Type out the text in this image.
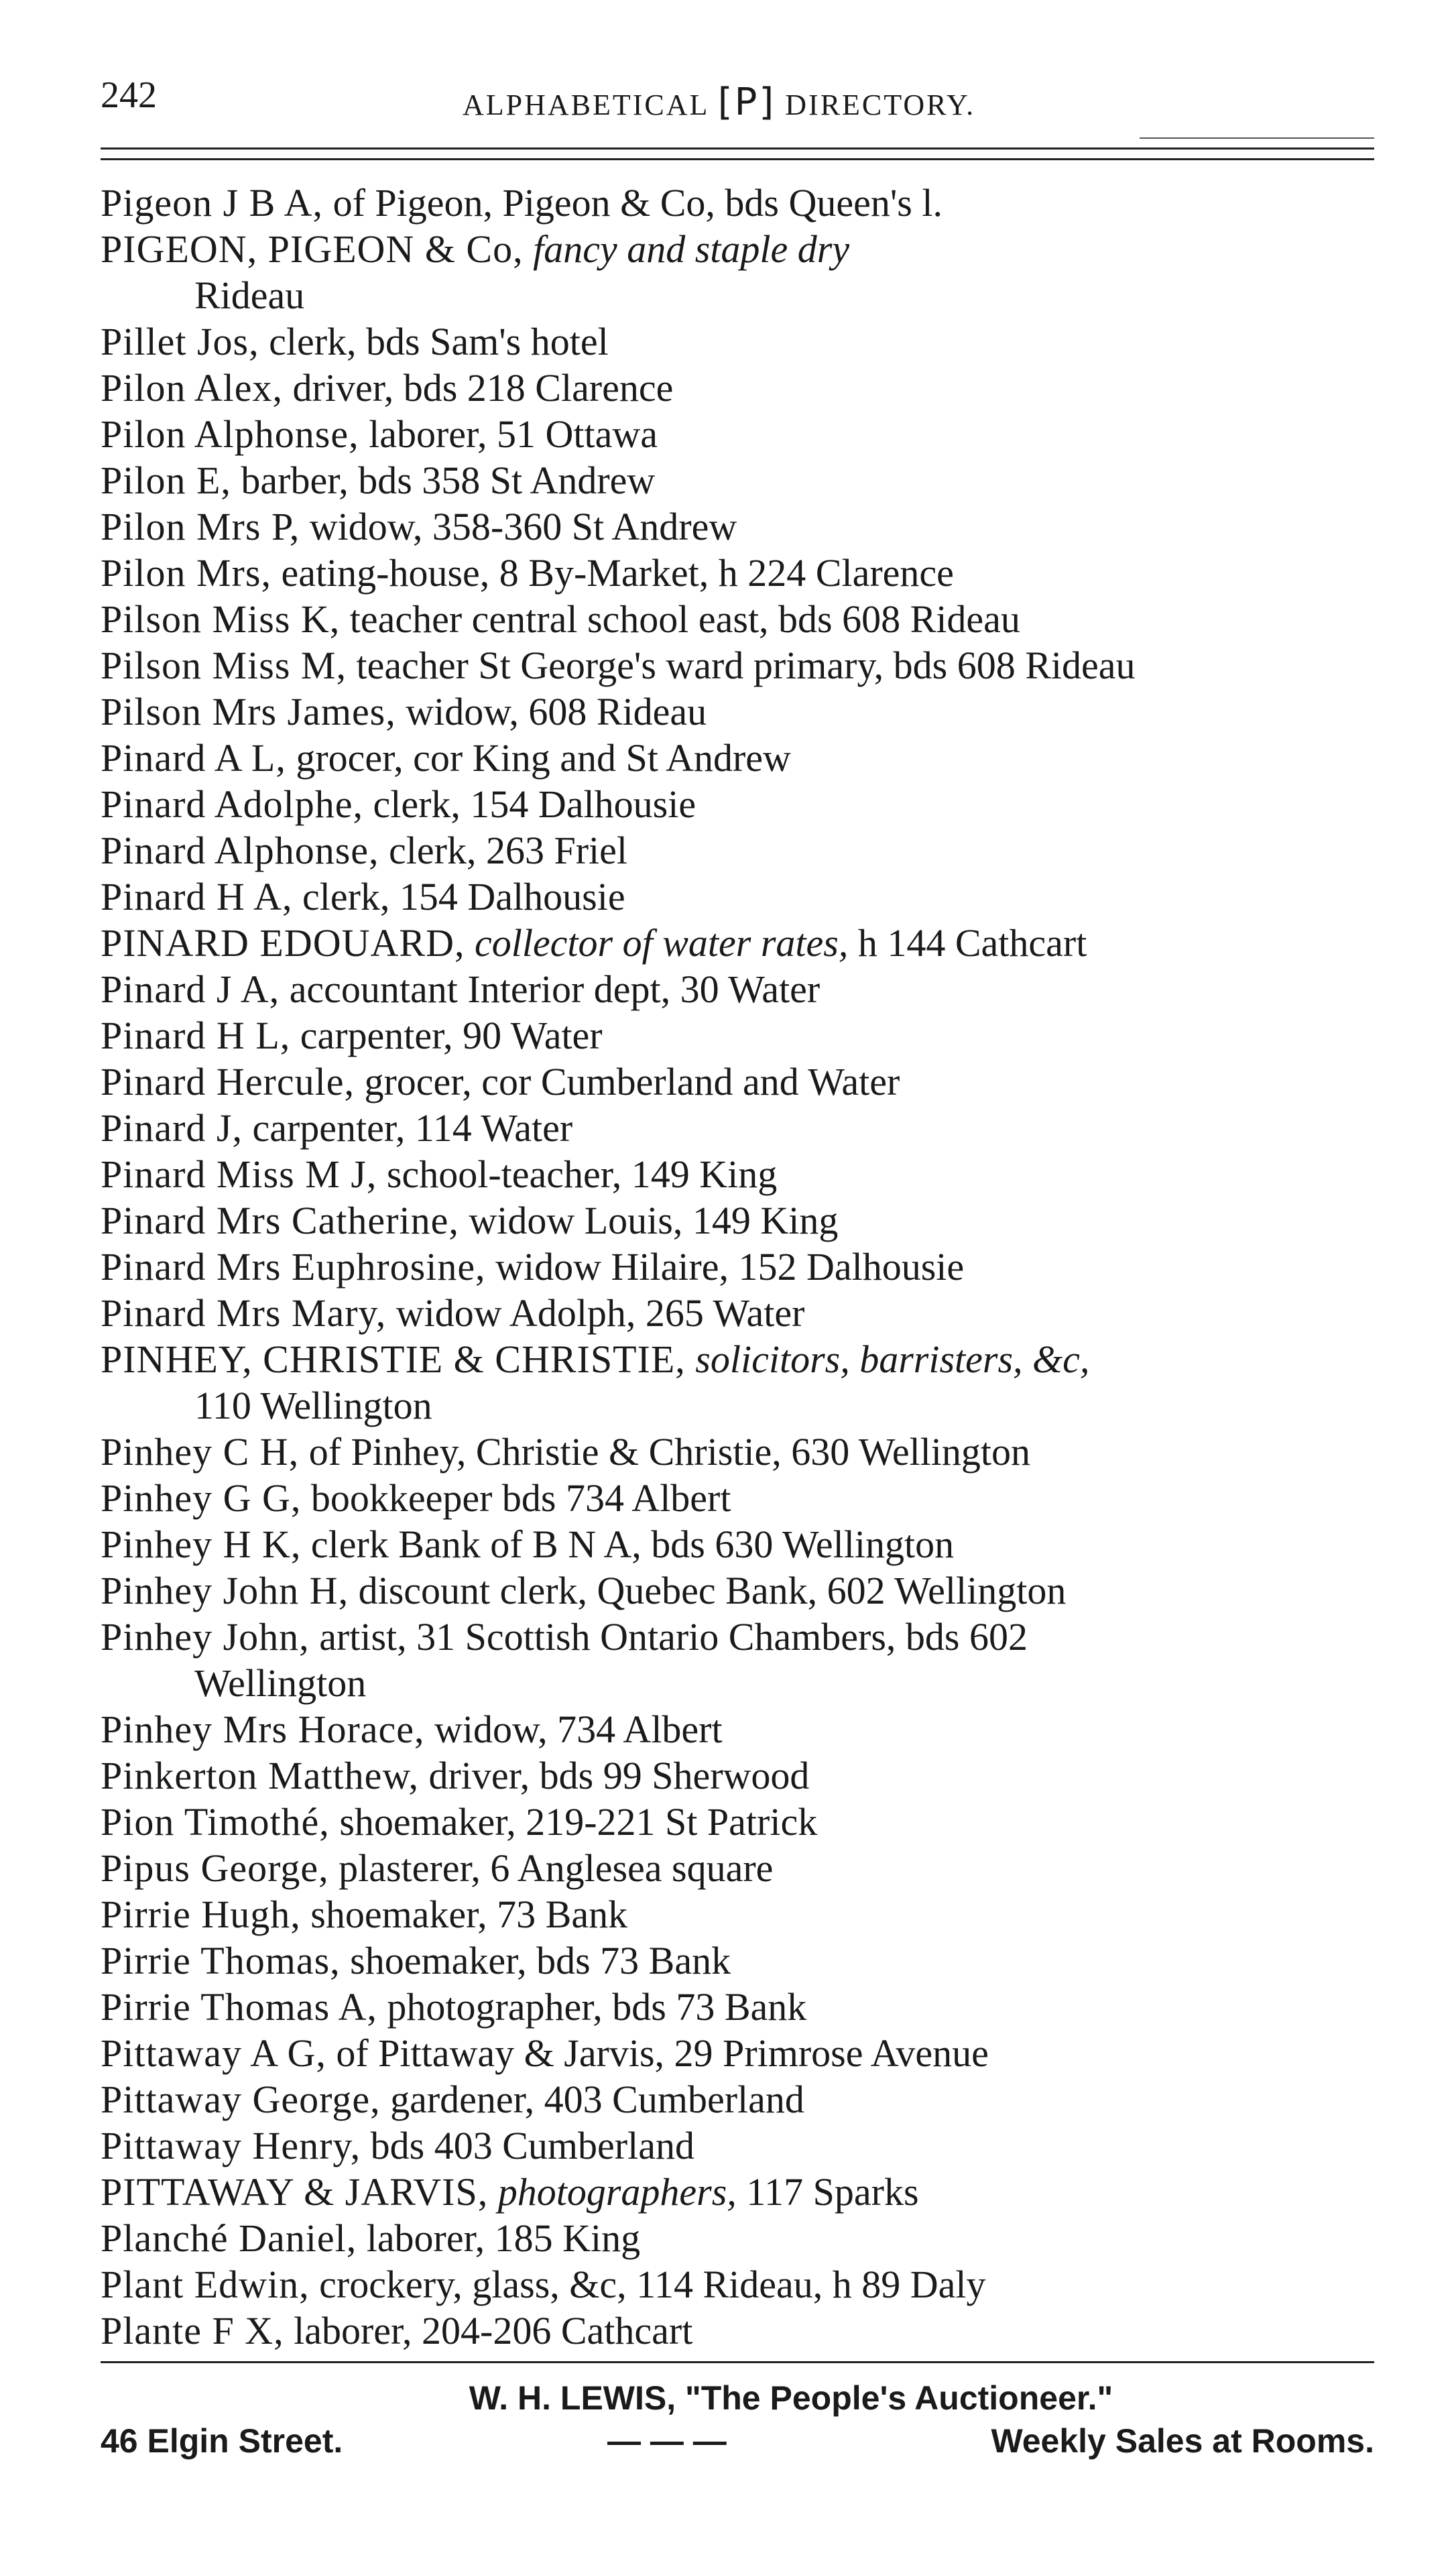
242	ALPHABETICAL [P] DIRECTORY.
Pigeon J B A, of Pigeon, Pigeon & Co, bds Queen's l.
PIGEON, PIGEON & Co, fancy and staple dry
Rideau
Pillet Jos, clerk, bds Sam's hotel
Pilon Alex, driver, bds 218 Clarence
Pilon Alphonse, laborer, 51 Ottawa
Pilon E, barber, bds 358 St Andrew
Pilon Mrs P, widow, 358-360 St Andrew
Pilon Mrs, eating-house, 8 By-Market, h 224 Clarence
Pilson Miss K, teacher central school east, bds 608 Rideau
Pilson Miss M, teacher St George's ward primary, bds 608 Rideau
Pilson Mrs James, widow, 608 Rideau
Pinard A L, grocer, cor King and St Andrew
Pinard Adolphe, clerk, 154 Dalhousie
Pinard Alphonse, clerk, 263 Friel
Pinard H A, clerk, 154 Dalhousie
PINARD EDOUARD, collector of water rates, h 144 Cathcart
Pinard J A, accountant Interior dept, 30 Water
Pinard H L, carpenter, 90 Water
Pinard Hercule, grocer, cor Cumberland and Water
Pinard J, carpenter, 114 Water
Pinard Miss M J, school-teacher, 149 King
Pinard Mrs Catherine, widow Louis, 149 King
Pinard Mrs Euphrosine, widow Hilaire, 152 Dalhousie
Pinard Mrs Mary, widow Adolph, 265 Water
PINHEY, CHRISTIE & CHRISTIE, solicitors, barristers, &c,
110 Wellington
Pinhey C H, of Pinhey, Christie & Christie, 630 Wellington
Pinhey G G, bookkeeper bds 734 Albert
Pinhey H K, clerk Bank of B N A, bds 630 Wellington
Pinhey John H, discount clerk, Quebec Bank, 602 Wellington
Pinhey John, artist, 31 Scottish Ontario Chambers, bds 602
Wellington
Pinhey Mrs Horace, widow, 734 Albert
Pinkerton Matthew, driver, bds 99 Sherwood
Pion Timothé, shoemaker, 219-221 St Patrick
Pipus George, plasterer, 6 Anglesea square
Pirrie Hugh, shoemaker, 73 Bank
Pirrie Thomas, shoemaker, bds 73 Bank
Pirrie Thomas A, photographer, bds 73 Bank
Pittaway A G, of Pittaway & Jarvis, 29 Primrose Avenue
Pittaway George, gardener, 403 Cumberland
Pittaway Henry, bds 403 Cumberland
PITTAWAY & JARVIS, photographers, 117 Sparks
Planché Daniel, laborer, 185 King
Plant Edwin, crockery, glass, &c, 114 Rideau, h 89 Daly
Plante F X, laborer, 204-206 Cathcart
W. H. LEWIS, "The People's Auctioneer."
46 Elgin Street.	— — —	Weekly Sales at Rooms.
